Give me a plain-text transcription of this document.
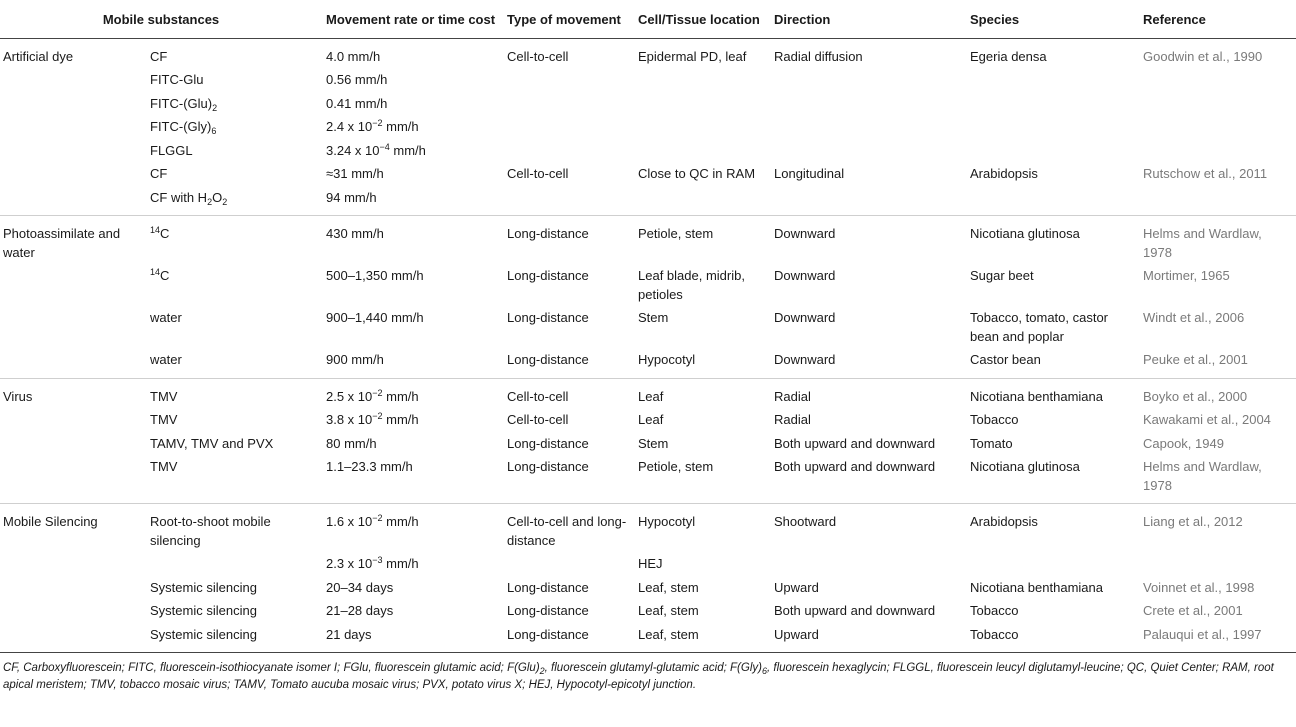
Mobile substances		Movement rate or time cost	Type of movement	Cell/Tissue location	Direction	Species	Reference
Artificial dye	CF	4.0 mm/h	Cell-to-cell	Epidermal PD, leaf	Radial diffusion	Egeria densa	Goodwin et al., 1990
	FITC-Glu	0.56 mm/h					
	FITC-$(Glu)_2$	0.41 mm/h					
	FITC-$(Gly)_6$	2.4 x $10^{-2}$ mm/h					
	FLGGL	3.24 x $10^{-4}$ mm/h					
	CF	≈31 mm/h	Cell-to-cell	Close to QC in RAM	Longitudinal	Arabidopsis	Rutschow et al., 2011
	CF with $H_2O_2$	94 mm/h					
Photoassimilate and water	$^{14}$C	430 mm/h	Long-distance	Petiole, stem	Downward	Nicotiana glutinosa	Helms and Wardlaw, 1978
	$^{14}$C	500–1,350 mm/h	Long-distance	Leaf blade, midrib, petioles	Downward	Sugar beet	Mortimer, 1965
	water	900–1,440 mm/h	Long-distance	Stem	Downward	Tobacco, tomato, castor bean and poplar	Windt et al., 2006
	water	900 mm/h	Long-distance	Hypocotyl	Downward	Castor bean	Peuke et al., 2001
Virus	TMV	2.5 x $10^{-2}$ mm/h	Cell-to-cell	Leaf	Radial	Nicotiana benthamiana	Boyko et al., 2000
	TMV	3.8 x $10^{-2}$ mm/h	Cell-to-cell	Leaf	Radial	Tobacco	Kawakami et al., 2004
	TAMV, TMV and PVX	80 mm/h	Long-distance	Stem	Both upward and downward	Tomato	Capook, 1949
	TMV	1.1–23.3 mm/h	Long-distance	Petiole, stem	Both upward and downward	Nicotiana glutinosa	Helms and Wardlaw, 1978
Mobile Silencing	Root-to-shoot mobile silencing	1.6 x $10^{-2}$ mm/h	Cell-to-cell and long-distance	Hypocotyl	Shootward	Arabidopsis	Liang et al., 2012
		2.3 x $10^{-3}$ mm/h		HEJ			
	Systemic silencing	20–34 days	Long-distance	Leaf, stem	Upward	Nicotiana benthamiana	Voinnet et al., 1998
	Systemic silencing	21–28 days	Long-distance	Leaf, stem	Both upward and downward	Tobacco	Crete et al., 2001
	Systemic silencing	21 days	Long-distance	Leaf, stem	Upward	Tobacco	Palauqui et al., 1997
CF, Carboxyfluorescein; FITC, fluorescein-isothiocyanate isomer I; FGlu, fluorescein glutamic acid; $F(Glu)_2$, fluorescein glutamyl-glutamic acid; $F(Gly)_6$, fluorescein hexaglycin; FLGGL, fluorescein leucyl diglutamyl-leucine; QC, Quiet Center; RAM, root apical meristem; TMV, tobacco mosaic virus; TAMV, Tomato aucuba mosaic virus; PVX, potato virus X; HEJ, Hypocotyl-epicotyl junction.
